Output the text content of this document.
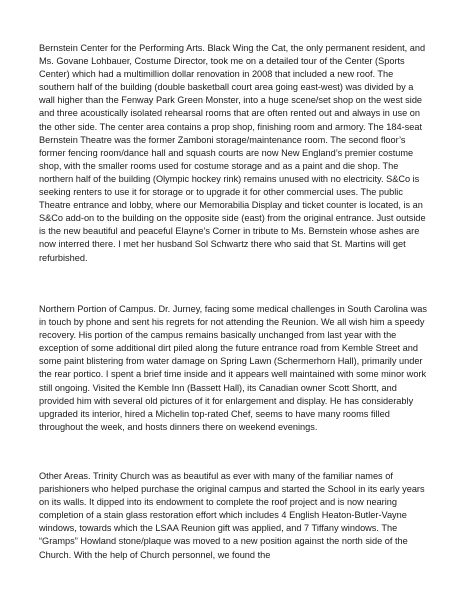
Bernstein Center for the Performing Arts. Black Wing the Cat, the only permanent resident, and Ms. Govane Lohbauer, Costume Director, took me on a detailed tour of the Center (Sports Center) which had a multimillion dollar renovation in 2008 that included a new roof. The southern half of the building (double basketball court area going east-west) was divided by a wall higher than the Fenway Park Green Monster, into a huge scene/set shop on the west side and three acoustically isolated rehearsal rooms that are often rented out and always in use on the other side. The center area contains a prop shop, finishing room and armory. The 184-seat Bernstein Theatre was the former Zamboni storage/maintenance room. The second floor’s former fencing room/dance hall and squash courts are now New England’s premier costume shop, with the smaller rooms used for costume storage and as a paint and die shop. The northern half of the building (Olympic hockey rink) remains unused with no electricity. S&Co is seeking renters to use it for storage or to upgrade it for other commercial uses. The public Theatre entrance and lobby, where our Memorabilia Display and ticket counter is located, is an S&Co add-on to the building on the opposite side (east) from the original entrance. Just outside is the new beautiful and peaceful Elayne’s Corner in tribute to Ms. Bernstein whose ashes are now interred there. I met her husband Sol Schwartz there who said that St. Martins will get refurbished.

Northern Portion of Campus. Dr. Jurney, facing some medical challenges in South Carolina was in touch by phone and sent his regrets for not attending the Reunion. We all wish him a speedy recovery. His portion of the campus remains basically unchanged from last year with the exception of some additional dirt piled along the future entrance road from Kemble Street and some paint blistering from water damage on Spring Lawn (Schermerhorn Hall), primarily under the rear portico. I spent a brief time inside and it appears well maintained with some minor work still ongoing. Visited the Kemble Inn (Bassett Hall), its Canadian owner Scott Shortt, and provided him with several old pictures of it for enlargement and display. He has considerably upgraded its interior, hired a Michelin top-rated Chef, seems to have many rooms filled throughout the week, and hosts dinners there on weekend evenings.

Other Areas. Trinity Church was as beautiful as ever with many of the familiar names of parishioners who helped purchase the original campus and started the School in its early years on its walls. It dipped into its endowment to complete the roof project and is now nearing completion of a stain glass restoration effort which includes 4 English Heaton-Butler-Vayne windows, towards which the LSAA Reunion gift was applied, and 7 Tiffany windows. The “Gramps” Howland stone/plaque was moved to a new position against the north side of the Church. With the help of Church personnel, we found the
